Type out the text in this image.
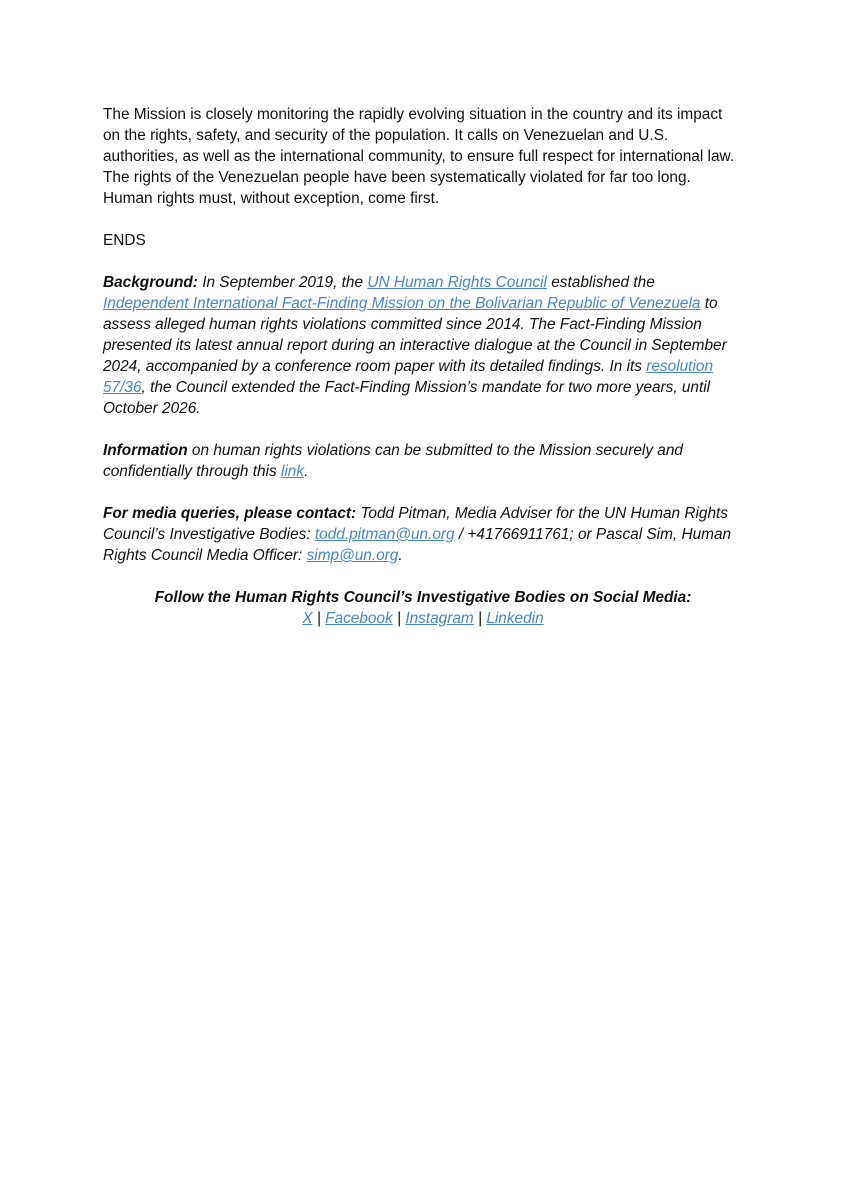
The Mission is closely monitoring the rapidly evolving situation in the country and its impact on the rights, safety, and security of the population. It calls on Venezuelan and U.S. authorities, as well as the international community, to ensure full respect for international law. The rights of the Venezuelan people have been systematically violated for far too long. Human rights must, without exception, come first.

ENDS

Background: In September 2019, the UN Human Rights Council established the Independent International Fact-Finding Mission on the Bolivarian Republic of Venezuela to assess alleged human rights violations committed since 2014. The Fact-Finding Mission presented its latest annual report during an interactive dialogue at the Council in September 2024, accompanied by a conference room paper with its detailed findings. In its resolution 57/36, the Council extended the Fact-Finding Mission’s mandate for two more years, until October 2026.

Information on human rights violations can be submitted to the Mission securely and confidentially through this link.

For media queries, please contact: Todd Pitman, Media Adviser for the UN Human Rights Council’s Investigative Bodies: todd.pitman@un.org / +41766911761; or Pascal Sim, Human Rights Council Media Officer: simp@un.org.

Follow the Human Rights Council’s Investigative Bodies on Social Media:
X | Facebook | Instagram | Linkedin
